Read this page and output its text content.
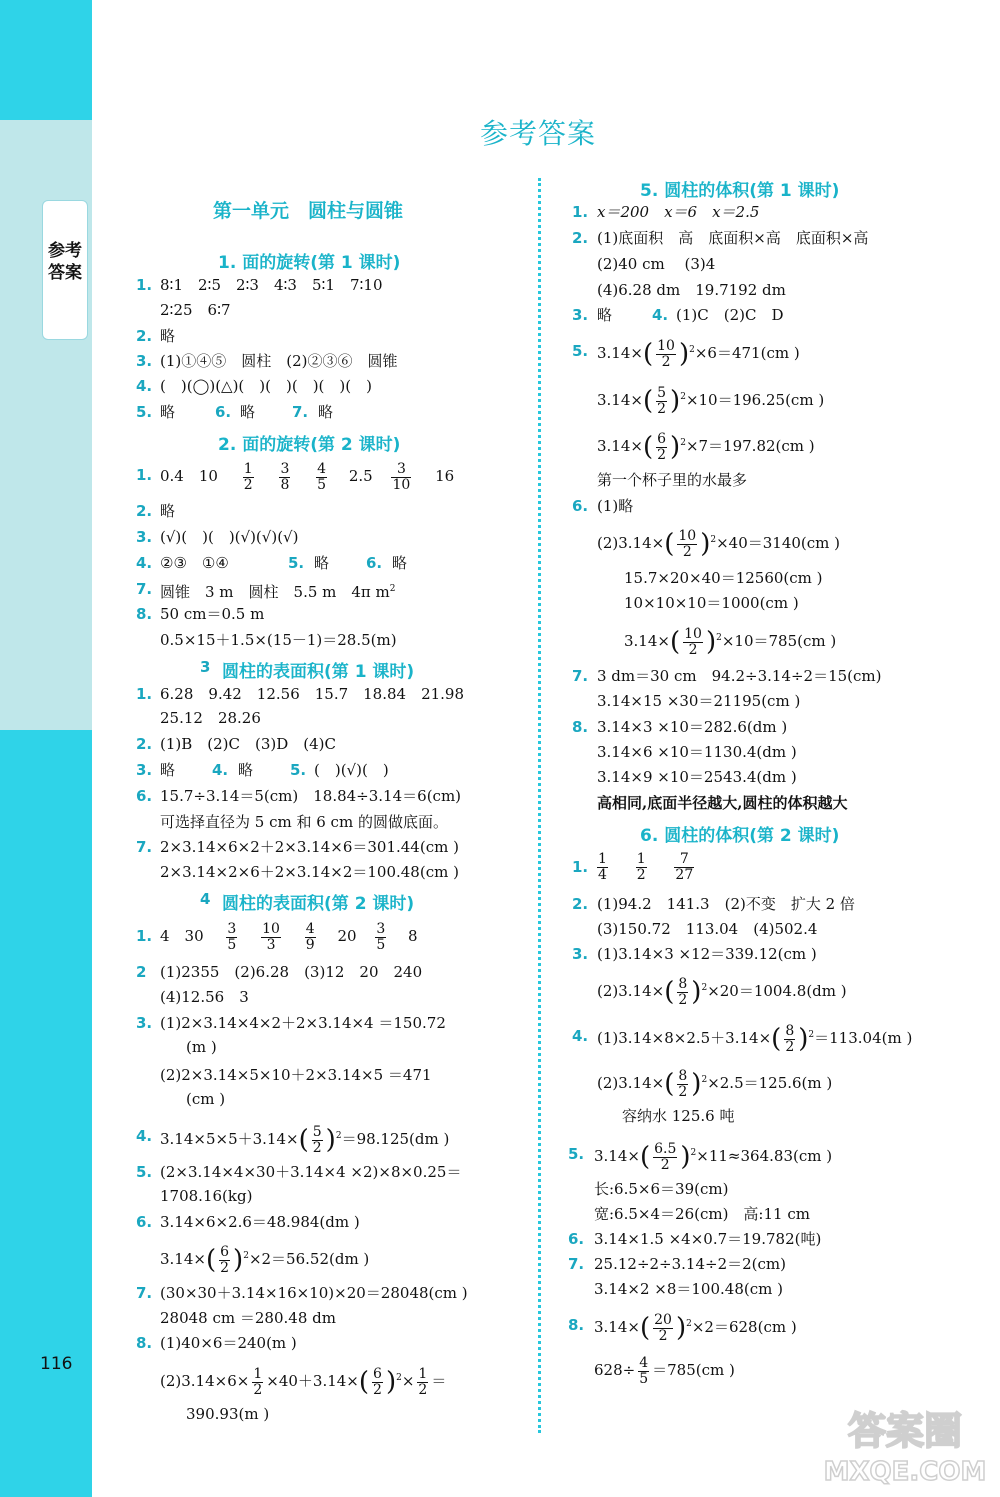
参考答案
116
参考答案
第一单元　圆柱与圆锥
1. 面的旋转(第 1 课时)
1. 8∶1　2∶5　2∶3　4∶3　5∶1　7∶10
2∶25　6∶7
2. 略
3. (1)①④⑤　圆柱　(2)②③⑥　圆锥
4. (　)(◯)(△)(　)(　)(　)(　)(　)
5. 略	6. 略 7. 略
2. 面的旋转(第 2 课时)
1. 0.4　$10 \frac{1}{2}$
$\frac{3}{8}$
$\frac{4}{5} 2.5 \frac{3}{10} 16$
2. 略
3. (√)(　)(　)(√)(√)(√)
4. ②③　①④	5. 略 6. 略
7. 圆锥　3 m　圆柱　5.5 m　4π $m^2$
8. 50 cm＝0.5 m
0.5×15＋1.5×(15－1)＝28.5(m)
3 圆柱的表面积(第 1 课时)
1. 6.28　9.42　12.56　15.7　18.84　21.98
25.12　28.26
2. (1)B　(2)C　(3)D　(4)C
3. 略 4. 略 5. (　)(√)(　)
6. 15.7÷3.14＝5(cm)　18.84÷3.14＝6(cm)
可选择直径为 5 cm 和 6 cm 的圆做底面。
7. 2×3.14×6×2＋2×3.14×6＝301.44(cm )
2×3.14×2×6＋2×3.14×2＝100.48(cm )
4 圆柱的表面积(第 2 课时)
1. 4　$30 \frac{3}{5}$
$\frac{10}{3}$
$\frac{4}{9} 20 \frac{3}{5} 8$
2 (1)2355　(2)6.28　(3)12　20　240
(4)12.56　3
3. (1)2×3.14×4×2＋2×3.14×4 ＝150.72
(m )
(2)2×3.14×5×10＋2×3.14×5 ＝471
(cm )
4. $3.14\times 5\times 5+3.14\times( \frac{5}{2} )^2=98.125(dm$ )
5. (2×3.14×4×30＋3.14×4 ×2)×8×0.25＝
1708.16(kg)
6. 3.14×6×2.6＝48.984(dm )
$3.14\times( \frac{6}{2} )^2\times 2=56.52(dm$ )
7. (30×30＋3.14×16×10)×20＝28048(cm )
28048 cm ＝280.48 dm
8. (1)40×6＝240(m )
$(2)3.14\times 6\times \frac{1}{2} \times 40+3.14\times( \frac{6}{2} )^2\times \frac{1}{2}$ ＝
390.93(m )
5. 圆柱的体积(第 1 课时)
1. x＝200　x＝6　x＝2.5
2. (1)底面积　高　底面积×高　底面积×高
(2)40 cm 　(3)4
(4)6.28 dm　19.7192 dm
3. 略	4. (1)C　(2)C　D
5. $3.14\times( \frac{10}{2} )^2\times 6=471(cm$ )
$3.14\times( \frac{5}{2} )^2\times 10=196.25(cm$ )
$3.14\times( \frac{6}{2} )^2\times 7=197.82(cm$ )
第一个杯子里的水最多
6. (1)略
$(2)3.14\times( \frac{10}{2} )^2\times 40=3140(cm$ )
15.7×20×40＝12560(cm )
10×10×10＝1000(cm )
$3.14\times( \frac{10}{2} )^2\times 10=785(cm$ )
7. 3 dm＝30 cm　94.2÷3.14÷2＝15(cm)
3.14×15 ×30＝21195(cm )
8. 3.14×3 ×10＝282.6(dm )
3.14×6 ×10＝1130.4(dm )
3.14×9 ×10＝2543.4(dm )
高相同,底面半径越大,圆柱的体积越大
6. 圆柱的体积(第 2 课时)
1. $\frac{1}{4}$
$\frac{1}{2}$
$\frac{7}{27}$
2. (1)94.2　141.3　(2)不变　扩大 2 倍
(3)150.72　113.04　(4)502.4
3. (1)3.14×3 ×12＝339.12(cm )
$(2)3.14\times( \frac{8}{2} )^2\times 20=1004.8(dm$ )
4. $(1)3.14\times 8\times 2.5+3.14\times( \frac{8}{2} )^2=113.04(m$ )
$(2)3.14\times( \frac{8}{2} )^2\times 2.5=125.6(m$ )
容纳水 125.6 吨
5. $3.14\times( \frac{6.5}{2} )^2\times 11\approx 364.83(cm$ )
长:6.5×6＝39(cm)
宽:6.5×4＝26(cm)　高:11 cm
6. 3.14×1.5 ×4×0.7＝19.782(吨)
7. 25.12÷2÷3.14÷2＝2(cm)
3.14×2 ×8＝100.48(cm )
8. $3.14\times( \frac{20}{2} )^2\times 2=628(cm$ )
$628\div \frac{4}{5} =785(cm$ )
答案圈
MXQE.COM
